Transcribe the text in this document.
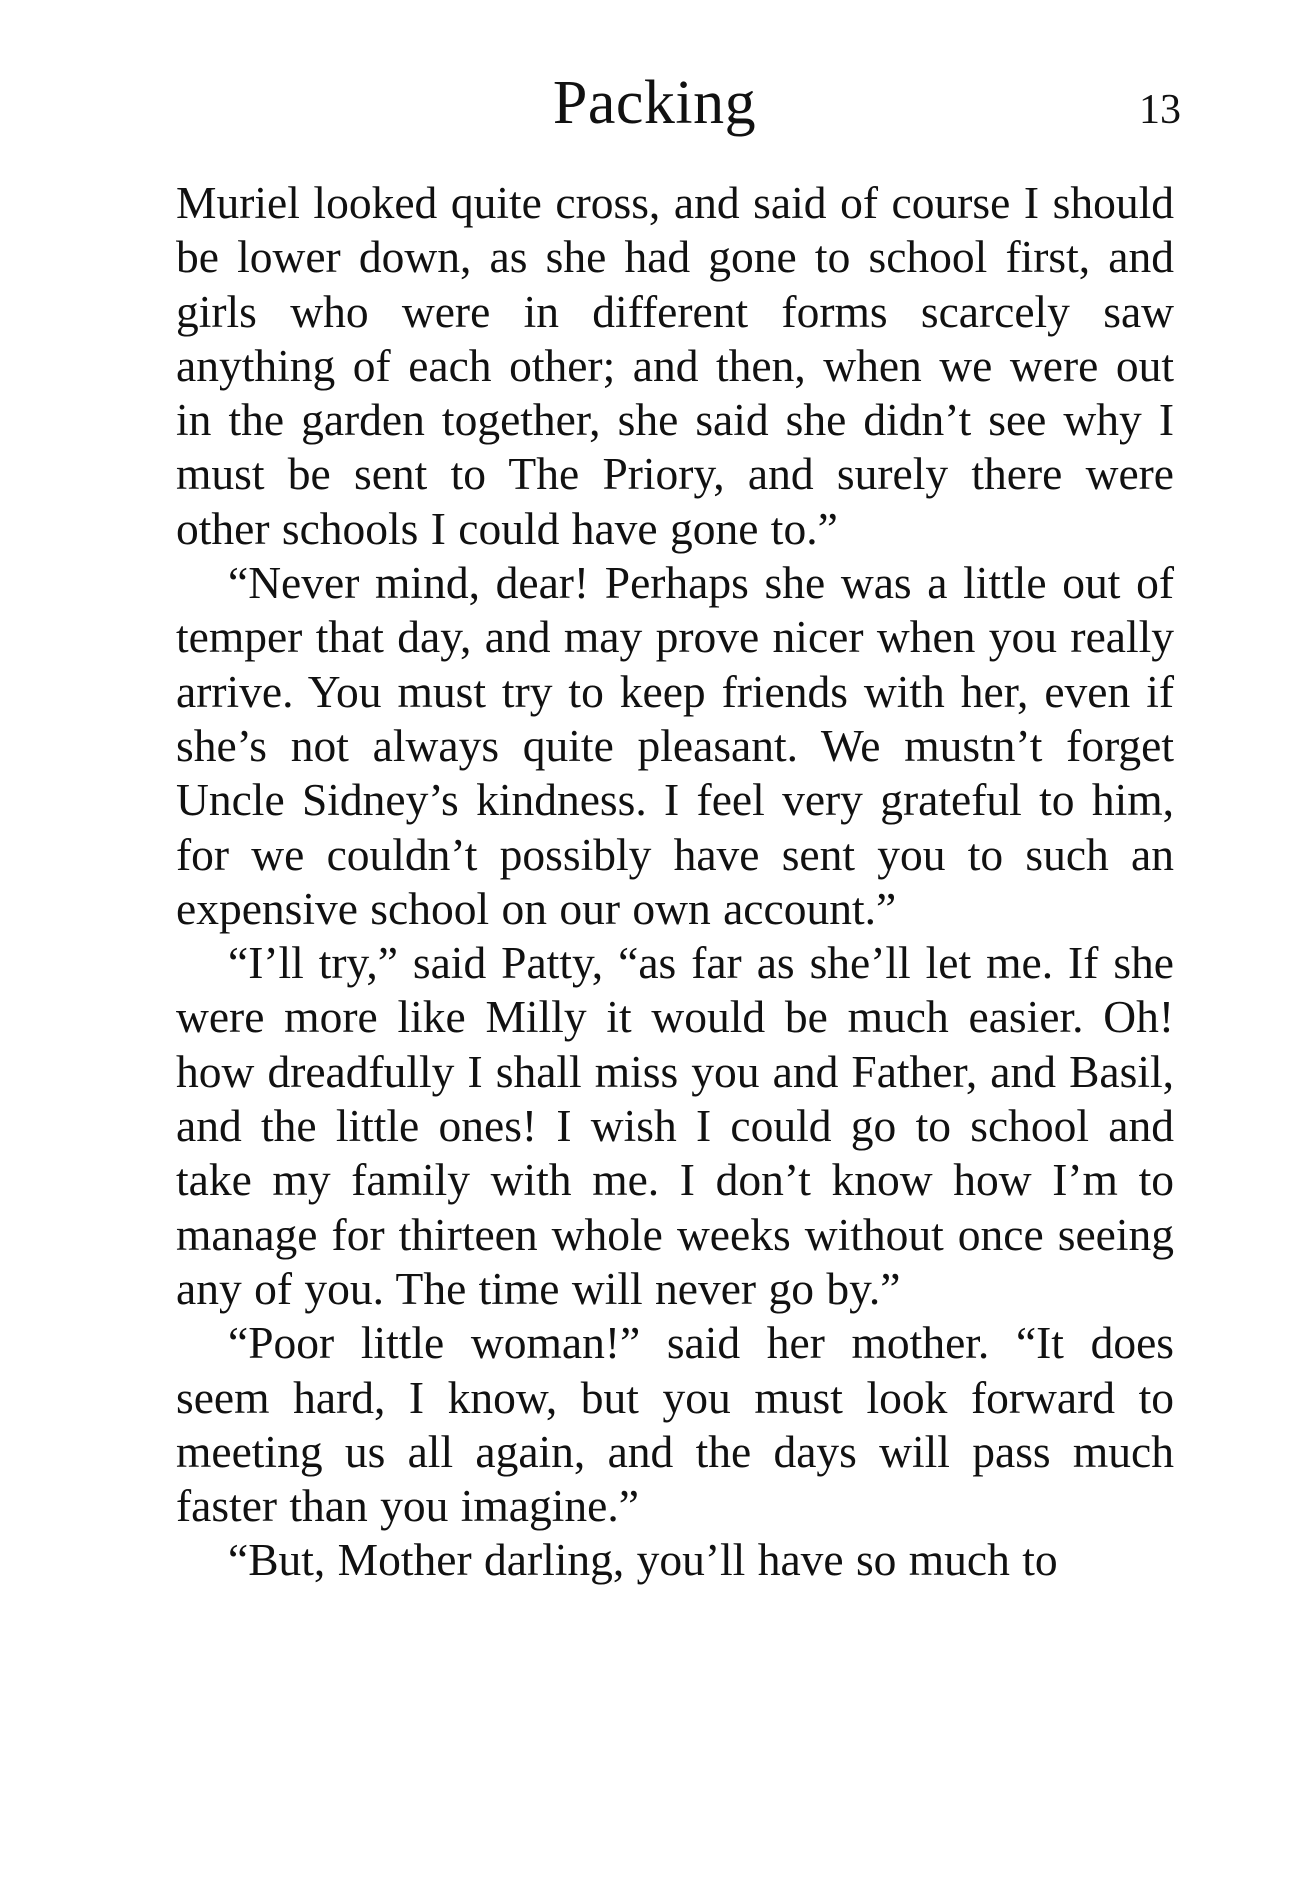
Packing	13

Muriel looked quite cross, and said of course I should be lower down, as she had gone to school first, and girls who were in different forms scarcely saw anything of each other; and then, when we were out in the garden together, she said she didn’t see why I must be sent to The Priory, and surely there were other schools I could have gone to.”

“Never mind, dear! Perhaps she was a little out of temper that day, and may prove nicer when you really arrive. You must try to keep friends with her, even if she’s not always quite pleasant. We mustn’t forget Uncle Sidney’s kindness. I feel very grateful to him, for we couldn’t possibly have sent you to such an expensive school on our own account.”

“I’ll try,” said Patty, “as far as she’ll let me. If she were more like Milly it would be much easier. Oh! how dreadfully I shall miss you and Father, and Basil, and the little ones! I wish I could go to school and take my family with me. I don’t know how I’m to manage for thirteen whole weeks without once seeing any of you. The time will never go by.”

“Poor little woman!” said her mother. “It does seem hard, I know, but you must look forward to meeting us all again, and the days will pass much faster than you imagine.”

“But, Mother darling, you’ll have so much to
